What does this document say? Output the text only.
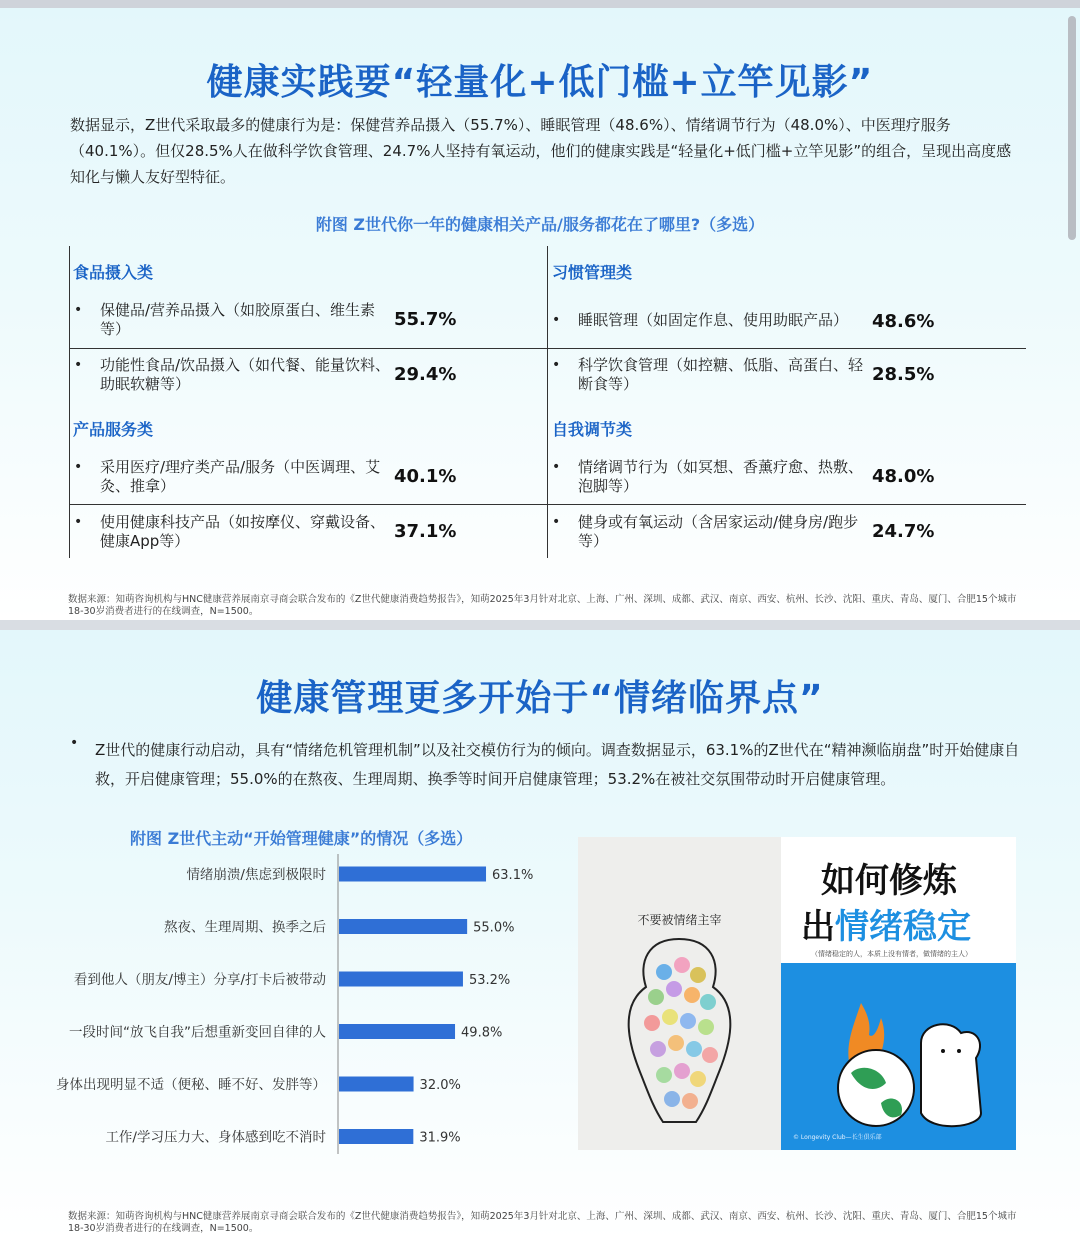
健康实践要“轻量化+低门槛+立竿见影”
数据显示，Z世代采取最多的健康行为是：保健营养品摄入（55.7%）、睡眠管理（48.6%）、情绪调节行为（48.0%）、中医理疗服务（40.1%）。但仅28.5%人在做科学饮食管理、24.7%人坚持有氧运动，他们的健康实践是“轻量化+低门槛+立竿见影”的组合，呈现出高度感知化与懒人友好型特征。
附图 Z世代你一年的健康相关产品/服务都花在了哪里?（多选）
食品摄入类	习惯管理类
产品服务类	自我调节类
• 保健品/营养品摄入（如胶原蛋白、维生素等）	55.7%	• 睡眠管理（如固定作息、使用助眠产品）	48.6%
• 功能性食品/饮品摄入（如代餐、能量饮料、助眠软糖等）	29.4%	• 科学饮食管理（如控糖、低脂、高蛋白、轻断食等）	28.5%
• 采用医疗/理疗类产品/服务（中医调理、艾灸、推拿）	40.1%	• 情绪调节行为（如冥想、香薰疗愈、热敷、泡脚等）	48.0%
• 使用健康科技产品（如按摩仪、穿戴设备、健康App等）	37.1%	• 健身或有氧运动（含居家运动/健身房/跑步等）	24.7%
数据来源：知萌咨询机构与HNC健康营养展南京寻商会联合发布的《Z世代健康消费趋势报告》，知萌2025年3月针对北京、上海、广州、深圳、成都、武汉、南京、西安、杭州、长沙、沈阳、重庆、青岛、厦门、合肥15个城市18-30岁消费者进行的在线调查，N=1500。
健康管理更多开始于“情绪临界点”
• Z世代的健康行动启动，具有“情绪危机管理机制”以及社交模仿行为的倾向。调查数据显示，63.1%的Z世代在“精神濒临崩盘”时开始健康自救，开启健康管理；55.0%的在熬夜、生理周期、换季等时间开启健康管理；53.2%在被社交氛围带动时开启健康管理。
附图 Z世代主动“开始管理健康”的情况（多选）
情绪崩溃/焦虑到极限时	63.1%
熬夜、生理周期、换季之后	55.0%
看到他人（朋友/博主）分享/打卡后被带动	53.2%
一段时间“放飞自我”后想重新变回自律的人	49.8%
身体出现明显不适（便秘、睡不好、发胖等）	32.0%
工作/学习压力大、身体感到吃不消时	31.9%
不要被情绪主宰
如何修炼
出情绪稳定
（情绪稳定的人，本质上没有情者，做情绪的主人）
© Longevity Club—长生俱乐部
数据来源：知萌咨询机构与HNC健康营养展南京寻商会联合发布的《Z世代健康消费趋势报告》，知萌2025年3月针对北京、上海、广州、深圳、成都、武汉、南京、西安、杭州、长沙、沈阳、重庆、青岛、厦门、合肥15个城市18-30岁消费者进行的在线调查，N=1500。
